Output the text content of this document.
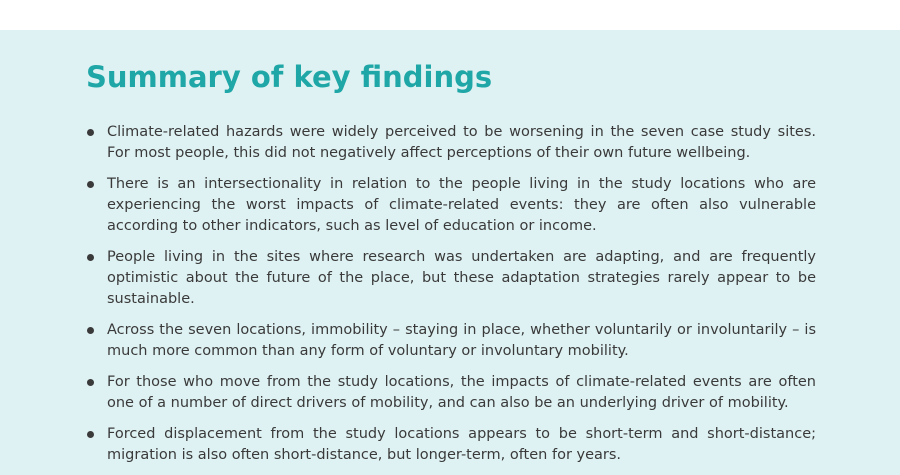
Summary of key findings
Climate-related hazards were widely perceived to be worsening in the seven case study sites. For most people, this did not negatively affect perceptions of their own future wellbeing.
There is an intersectionality in relation to the people living in the study locations who are experiencing the worst impacts of climate-related events: they are often also vulnerable according to other indicators, such as level of education or income.
People living in the sites where research was undertaken are adapting, and are frequently optimistic about the future of the place, but these adaptation strategies rarely appear to be sustainable.
Across the seven locations, immobility – staying in place, whether voluntarily or involuntarily – is much more common than any form of voluntary or involuntary mobility.
For those who move from the study locations, the impacts of climate-related events are often one of a number of direct drivers of mobility, and can also be an underlying driver of mobility.
Forced displacement from the study locations appears to be short-term and short-distance; migration is also often short-distance, but longer-term, often for years.
